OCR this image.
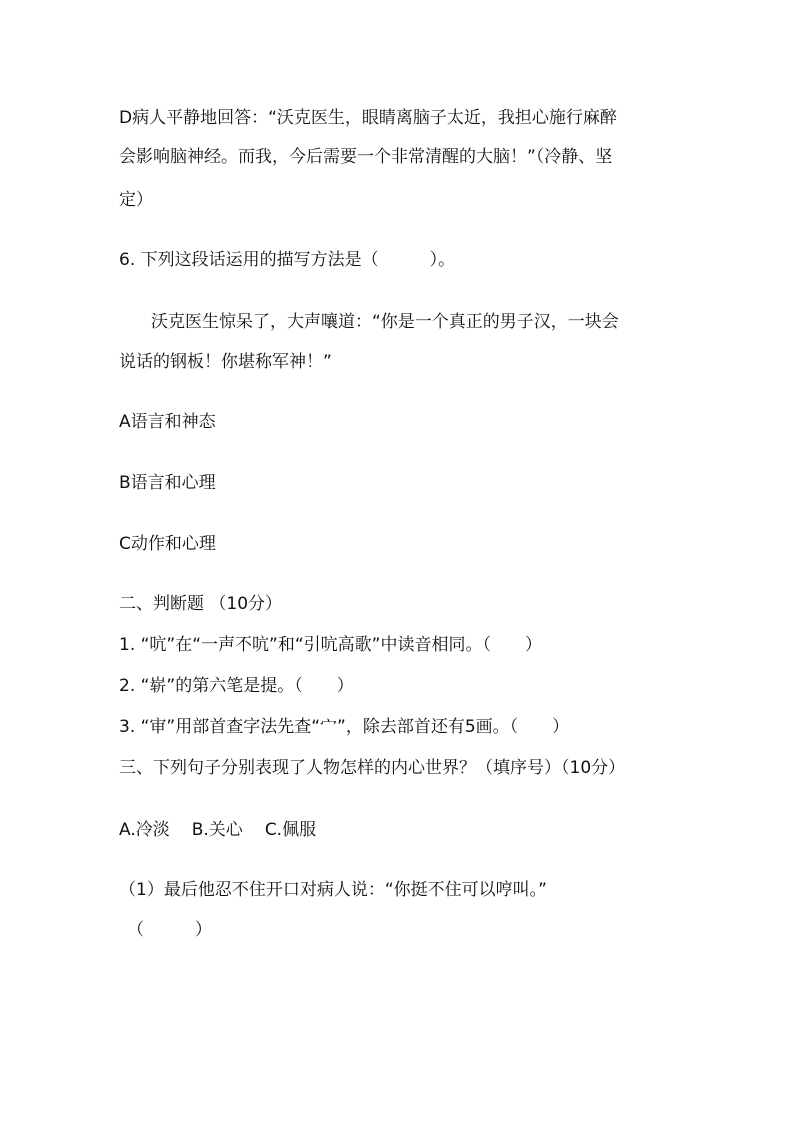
D病人平静地回答：“沃克医生，眼睛离脑子太近，我担心施行麻醉
会影响脑神经。而我，今后需要一个非常清醒的大脑！”（冷静、坚
定）
6. 下列这段话运用的描写方法是（　　　）。
沃克医生惊呆了，大声嚷道：“你是一个真正的男子汉，一块会
说话的钢板！你堪称军神！”
A语言和神态
B语言和心理
C动作和心理
二、判断题 （10分）
1. “吭”在“一声不吭”和“引吭高歌”中读音相同。（　　）
2. “崭”的第六笔是提。（　　）
3. “审”用部首查字法先查“宀”，除去部首还有5画。（　　）
三、下列句子分别表现了人物怎样的内心世界？（填序号）（10分）
A.冷淡 B.关心 C.佩服
（1）最后他忍不住开口对病人说：“你挺不住可以哼叫。”
（　　　）
